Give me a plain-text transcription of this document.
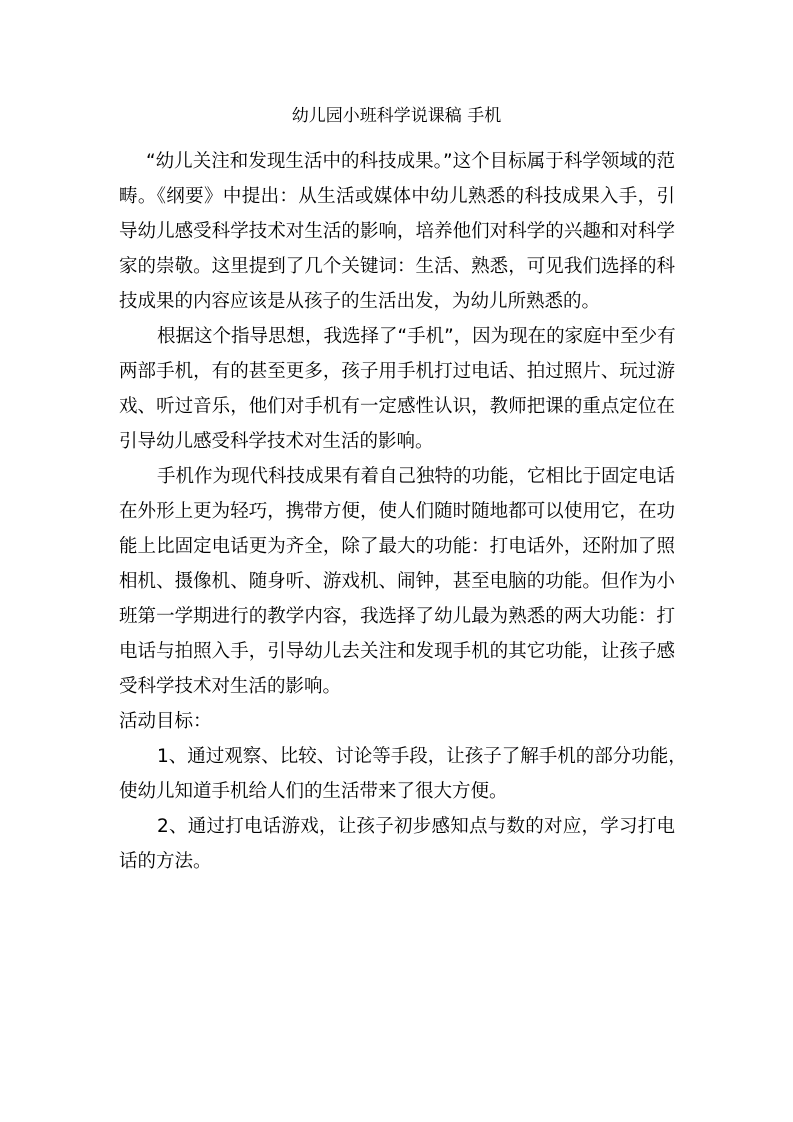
幼儿园小班科学说课稿 手机
“幼儿关注和发现生活中的科技成果。”这个目标属于科学领域的范
畴。《纲要》中提出：从生活或媒体中幼儿熟悉的科技成果入手，引
导幼儿感受科学技术对生活的影响，培养他们对科学的兴趣和对科学
家的崇敬。这里提到了几个关键词：生活、熟悉，可见我们选择的科
技成果的内容应该是从孩子的生活出发，为幼儿所熟悉的。
根据这个指导思想，我选择了“手机”，因为现在的家庭中至少有
两部手机，有的甚至更多，孩子用手机打过电话、拍过照片、玩过游
戏、听过音乐，他们对手机有一定感性认识，教师把课的重点定位在
引导幼儿感受科学技术对生活的影响。
手机作为现代科技成果有着自己独特的功能，它相比于固定电话
在外形上更为轻巧，携带方便，使人们随时随地都可以使用它，在功
能上比固定电话更为齐全，除了最大的功能：打电话外，还附加了照
相机、摄像机、随身听、游戏机、闹钟，甚至电脑的功能。但作为小
班第一学期进行的教学内容，我选择了幼儿最为熟悉的两大功能：打
电话与拍照入手，引导幼儿去关注和发现手机的其它功能，让孩子感
受科学技术对生活的影响。
活动目标：
1、通过观察、比较、讨论等手段，让孩子了解手机的部分功能，
使幼儿知道手机给人们的生活带来了很大方便。
2、通过打电话游戏，让孩子初步感知点与数的对应，学习打电
话的方法。
